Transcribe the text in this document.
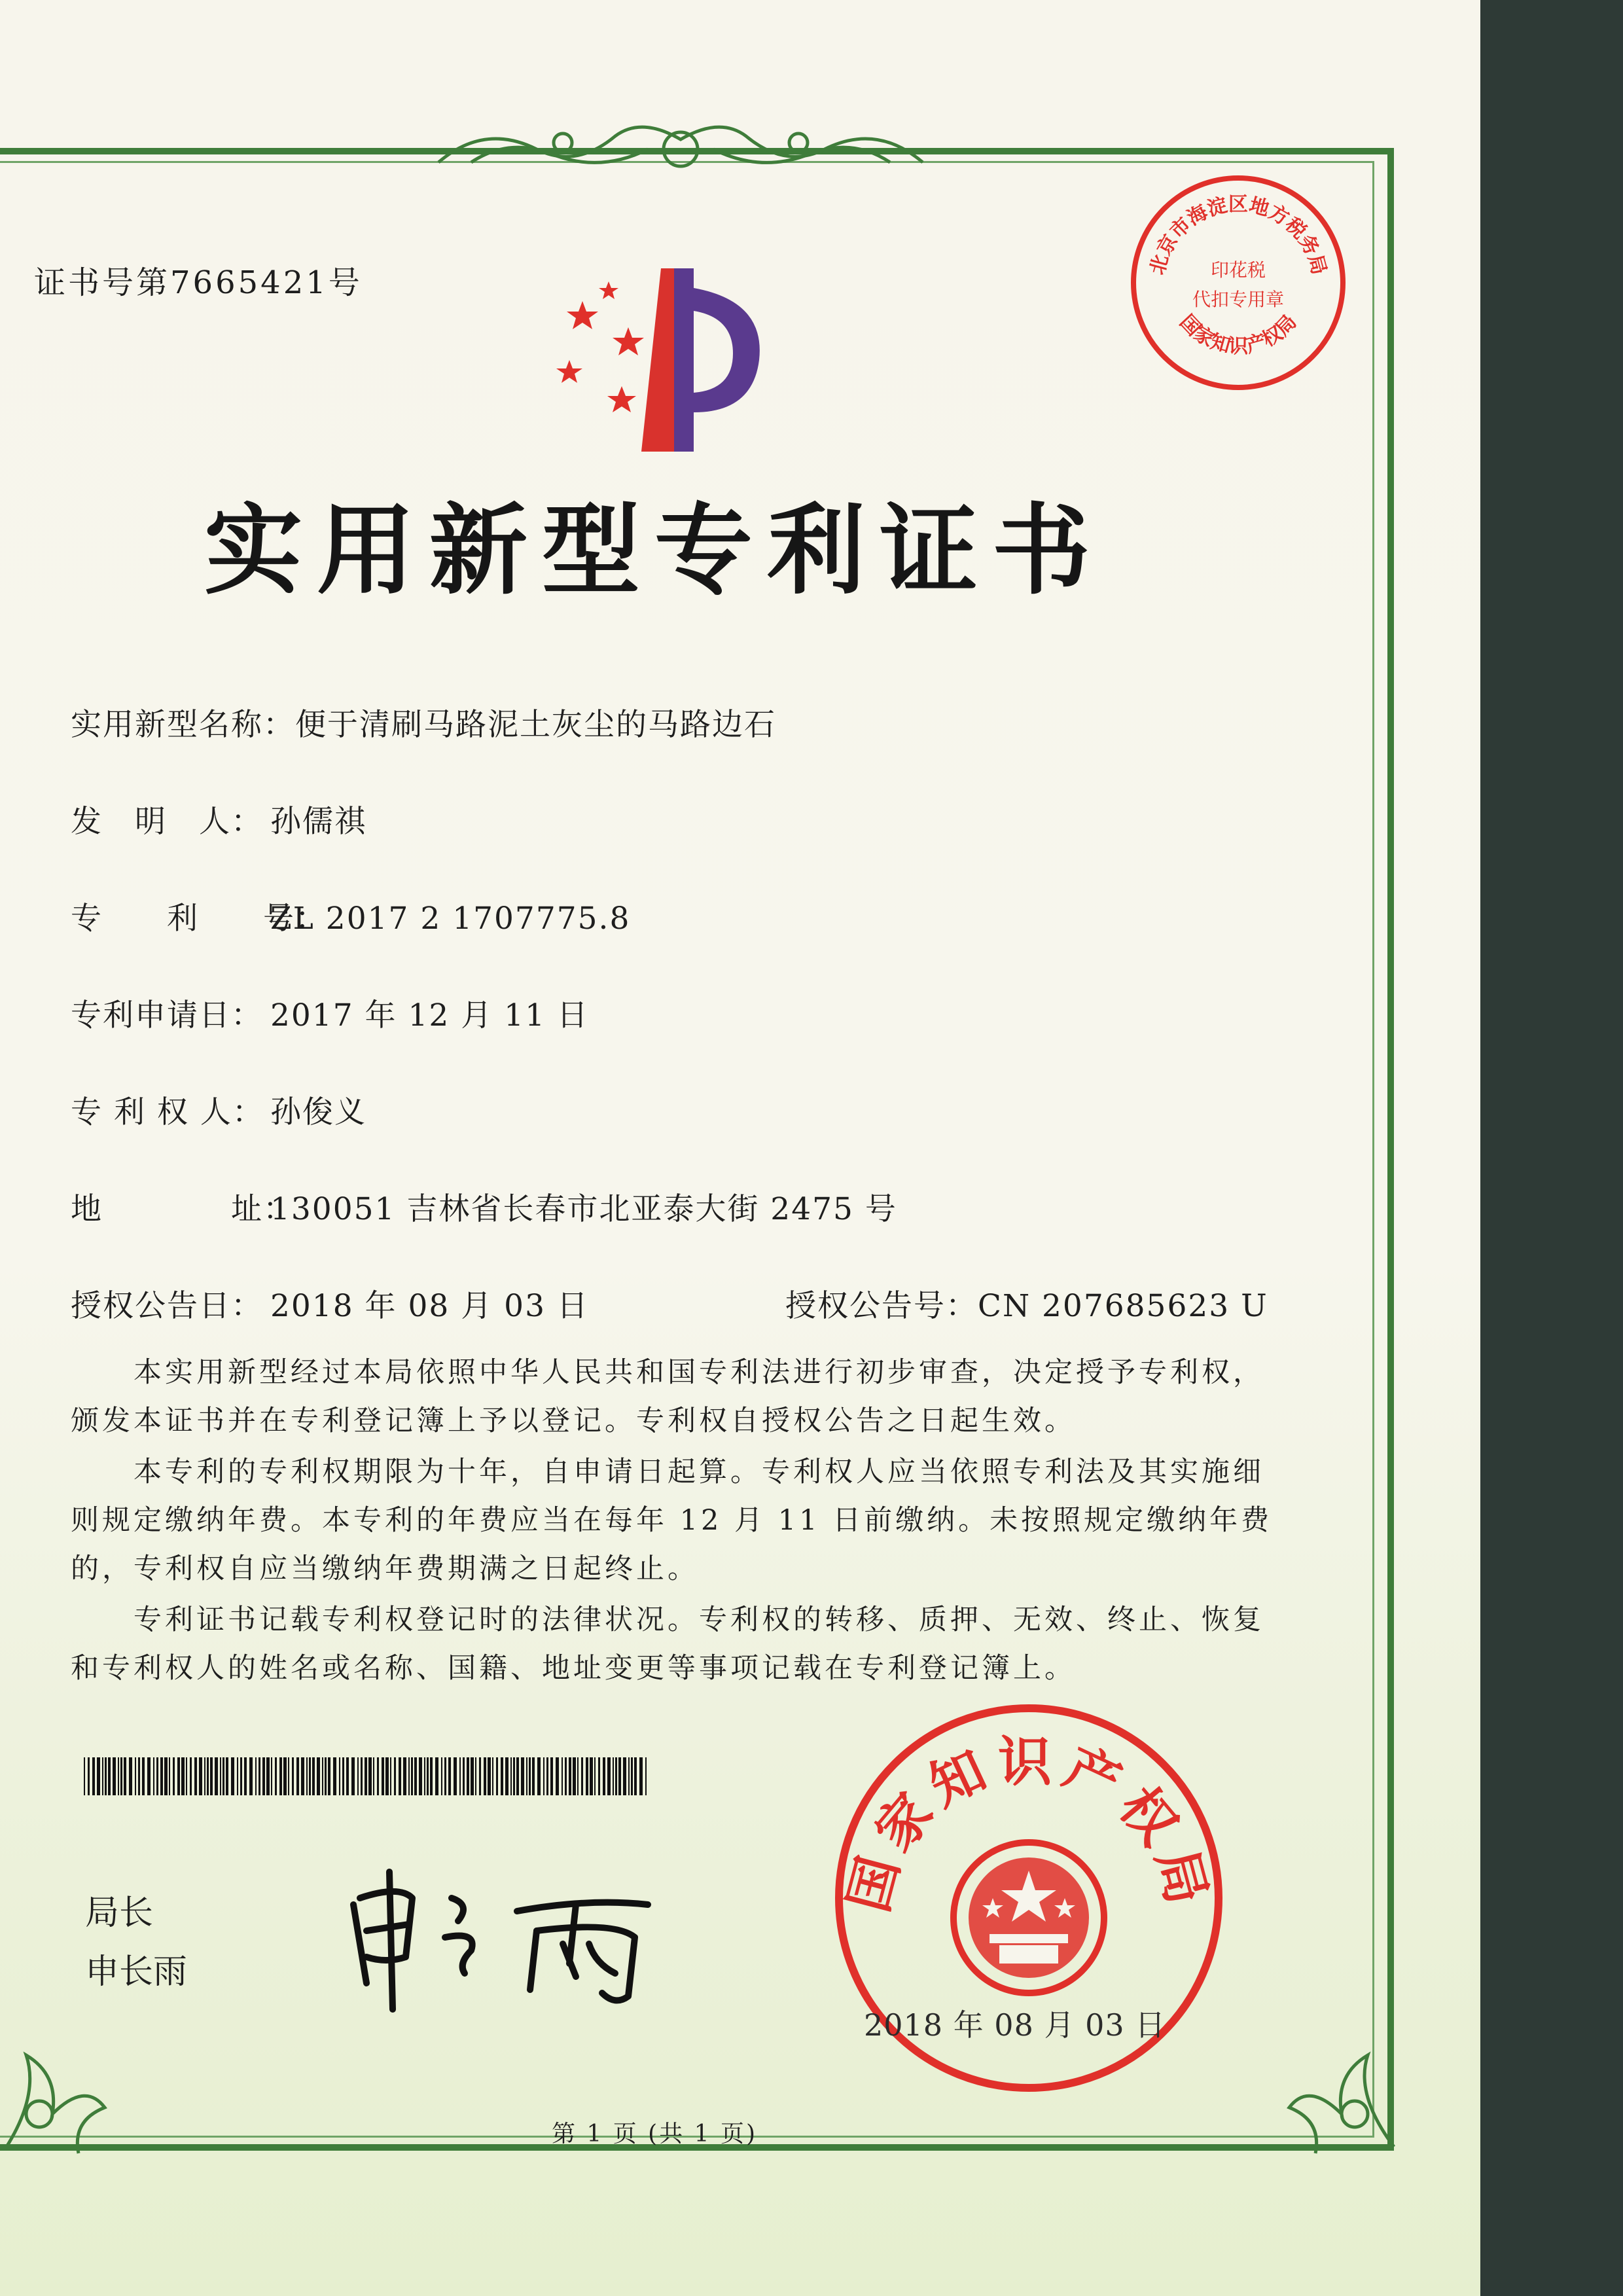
证书号第7665421号	北京市海淀区地方税务局
印花税
代扣专用章
国家知识产权局
实用新型专利证书
实用新型名称：便于清刷马路泥土灰尘的马路边石
发　明　人： 孙儒祺
专　　利　　号：ZL 2017 2 1707775.8
专利申请日： 2017 年 12 月 11 日
专 利 权 人： 孙俊义
地　　　　址：130051 吉林省长春市北亚泰大街 2475 号
授权公告日： 2018 年 08 月 03 日	授权公告号：CN 207685623 U

本实用新型经过本局依照中华人民共和国专利法进行初步审查，决定授予专利权，颁发本证书并在专利登记簿上予以登记。专利权自授权公告之日起生效。

本专利的专利权期限为十年，自申请日起算。专利权人应当依照专利法及其实施细则规定缴纳年费。本专利的年费应当在每年 12 月 11 日前缴纳。未按照规定缴纳年费的，专利权自应当缴纳年费期满之日起终止。

专利证书记载专利权登记时的法律状况。专利权的转移、质押、无效、终止、恢复和专利权人的姓名或名称、国籍、地址变更等事项记载在专利登记簿上。

局长
申长雨
国家知识产权局
2018 年 08 月 03 日
第 1 页 (共 1 页)
